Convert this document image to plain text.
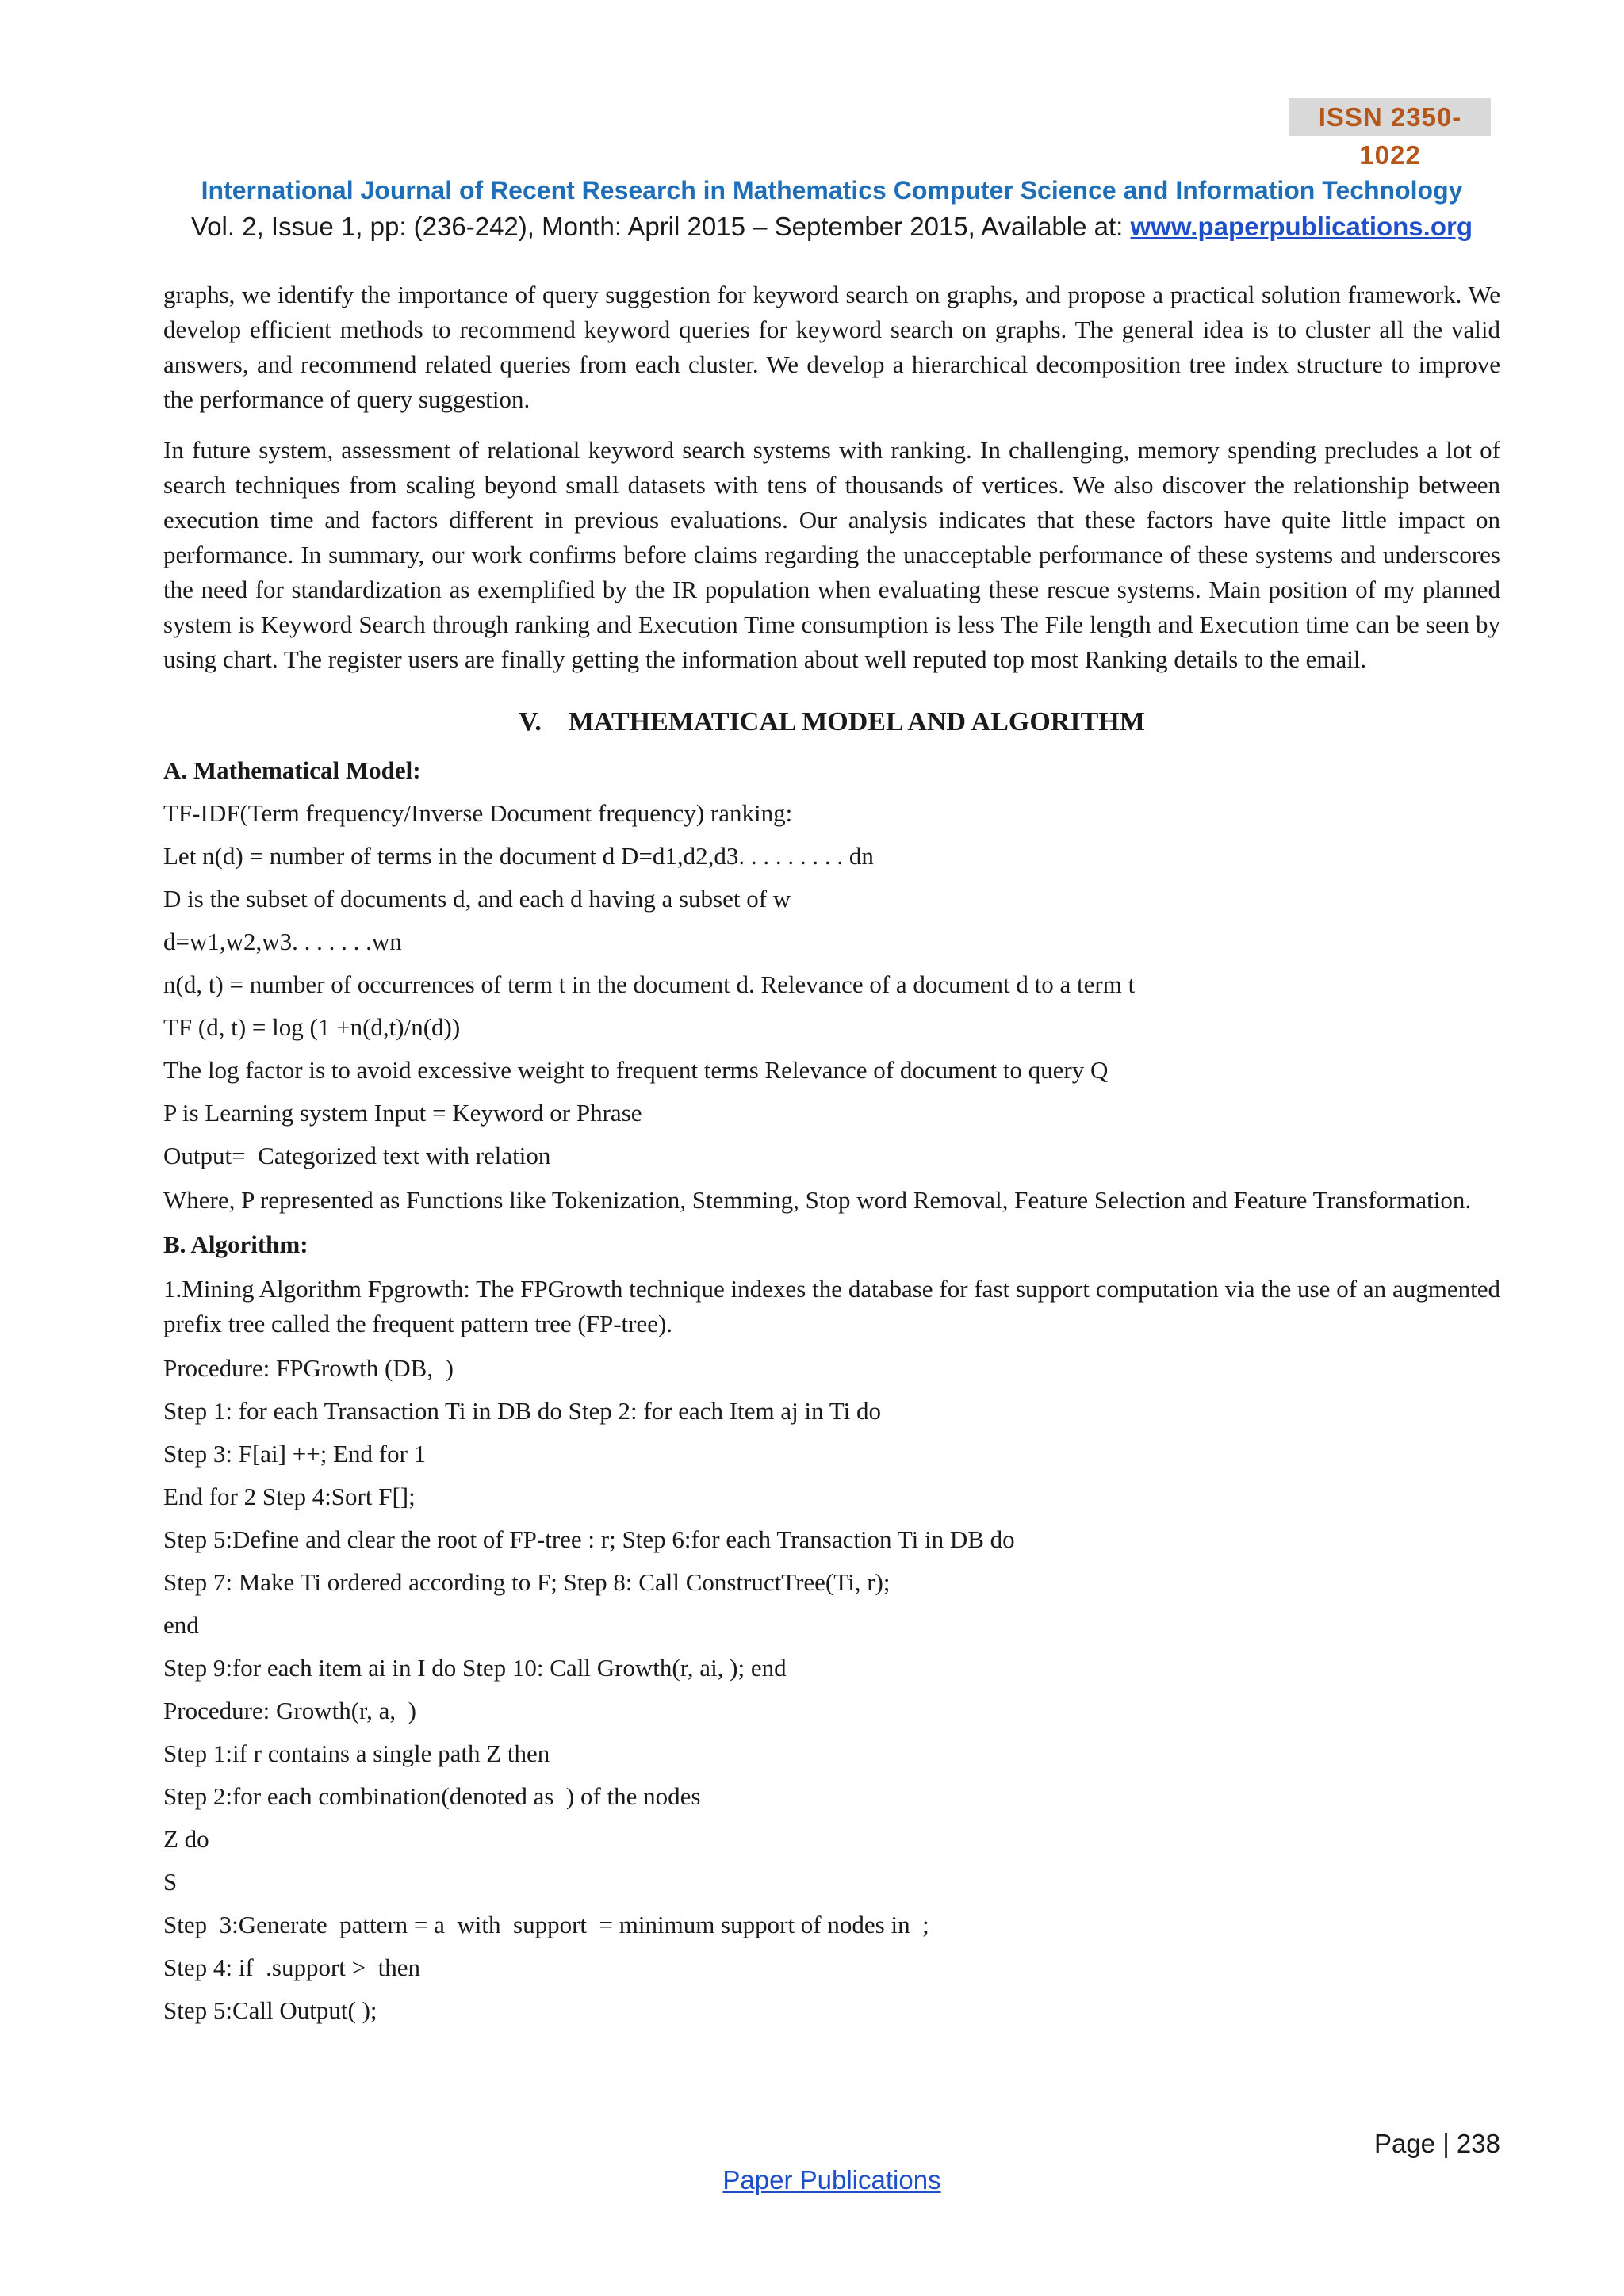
ISSN 2350-1022
International Journal of Recent Research in Mathematics Computer Science and Information Technology
Vol. 2, Issue 1, pp: (236-242), Month: April 2015 – September 2015, Available at: www.paperpublications.org

graphs, we identify the importance of query suggestion for keyword search on graphs, and propose a practical solution framework. We develop efficient methods to recommend keyword queries for keyword search on graphs. The general idea is to cluster all the valid answers, and recommend related queries from each cluster. We develop a hierarchical decomposition tree index structure to improve the performance of query suggestion.

In future system, assessment of relational keyword search systems with ranking. In challenging, memory spending precludes a lot of search techniques from scaling beyond small datasets with tens of thousands of vertices. We also discover the relationship between execution time and factors different in previous evaluations. Our analysis indicates that these factors have quite little impact on performance. In summary, our work confirms before claims regarding the unacceptable performance of these systems and underscores the need for standardization as exemplified by the IR population when evaluating these rescue systems. Main position of my planned system is Keyword Search through ranking and Execution Time consumption is less The File length and Execution time can be seen by using chart. The register users are finally getting the information about well reputed top most Ranking details to the email.

V.    MATHEMATICAL MODEL AND ALGORITHM
A. Mathematical Model:
TF-IDF(Term frequency/Inverse Document frequency) ranking:
Let n(d) = number of terms in the document d D=d1,d2,d3. . . . . . . . . dn
D is the subset of documents d, and each d having a subset of w
d=w1,w2,w3. . . . . . .wn
n(d, t) = number of occurrences of term t in the document d. Relevance of a document d to a term t
TF (d, t) = log (1 +n(d,t)/n(d))
The log factor is to avoid excessive weight to frequent terms Relevance of document to query Q
P is Learning system Input = Keyword or Phrase
Output=  Categorized text with relation
Where, P represented as Functions like Tokenization, Stemming, Stop word Removal, Feature Selection and Feature Transformation.
B. Algorithm:
1.Mining Algorithm Fpgrowth: The FPGrowth technique indexes the database for fast support computation via the use of an augmented prefix tree called the frequent pattern tree (FP-tree).
Procedure: FPGrowth (DB,  )
Step 1: for each Transaction Ti in DB do Step 2: for each Item aj in Ti do
Step 3: F[ai] ++; End for 1
End for 2 Step 4:Sort F[];
Step 5:Define and clear the root of FP-tree : r; Step 6:for each Transaction Ti in DB do
Step 7: Make Ti ordered according to F; Step 8: Call ConstructTree(Ti, r);
end
Step 9:for each item ai in I do Step 10: Call Growth(r, ai, ); end
Procedure: Growth(r, a,  )
Step 1:if r contains a single path Z then
Step 2:for each combination(denoted as  ) of the nodes
Z do
S
Step  3:Generate  pattern = a  with  support  = minimum support of nodes in  ;
Step 4: if  .support >  then
Step 5:Call Output( );
Page | 238
Paper Publications
